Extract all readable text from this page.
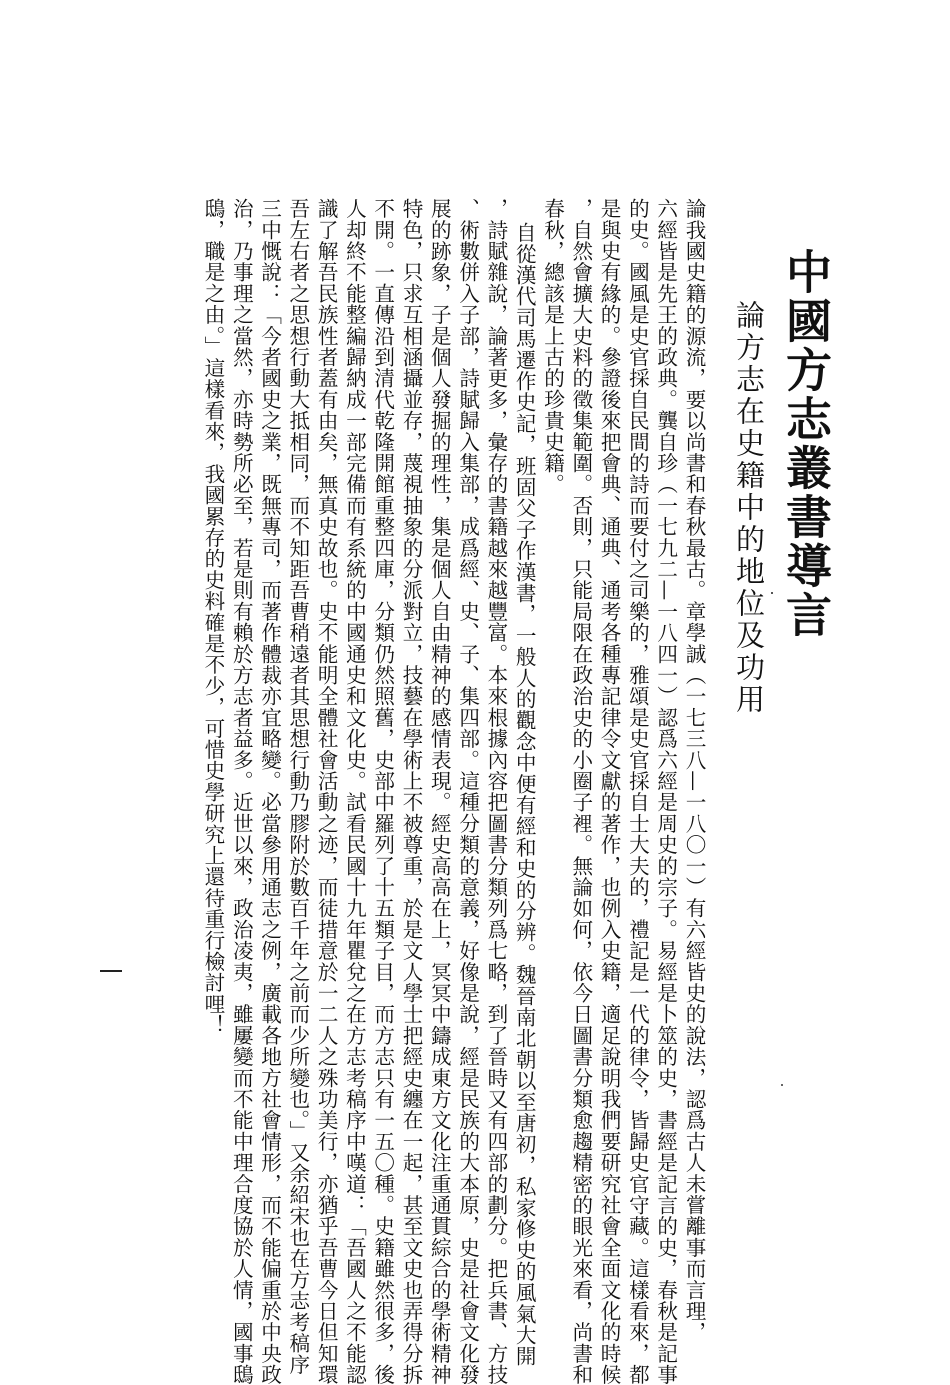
中國方志叢書導言
論方志在史籍中的地位及功用
論我國史籍的源流，要以尚書和春秋最古。章學誠（一七三八—一八〇一）有六經皆史的說法，認爲古人未嘗離事而言理，
六經皆是先王的政典。龔自珍（一七九二—一八四一）認爲六經是周史的宗子。易經是卜筮的史，書經是記言的史，春秋是記事
的史。國風是史官採自民間的詩而要付之司樂的，雅頌是史官採自士大夫的，禮記是一代的律令，皆歸史官守藏。這樣看來，都
是與史有緣的。參證後來把會典、通典、通考各種專記律令文獻的著作，也例入史籍，適足說明我們要研究社會全面文化的時候
，自然會擴大史料的徵集範圍。否則，只能局限在政治史的小圈子裡。無論如何，依今日圖書分類愈趨精密的眼光來看，尚書和
春秋，總該是上古的珍貴史籍。
自從漢代司馬遷作史記，班固父子作漢書，一般人的觀念中便有經和史的分辨。魏晉南北朝以至唐初，私家修史的風氣大開
，詩賦雜說，論著更多，彙存的書籍越來越豐富。本來根據內容把圖書分類列爲七略，到了晉時又有四部的劃分。把兵書、方技
、術數併入子部，詩賦歸入集部，成爲經、史、子、集四部。這種分類的意義，好像是說，經是民族的大本原，史是社會文化發
展的跡象，子是個人發掘的理性，集是個人自由精神的感情表現。經史高高在上，冥冥中鑄成東方文化注重通貫綜合的學術精神
特色，只求互相涵攝並存，蔑視抽象的分派對立，技藝在學術上不被尊重，於是文人學士把經史纏在一起，甚至文史也弄得分拆
不開。一直傳沿到清代乾隆開館重整四庫，分類仍然照舊，史部中羅列了十五類子目，而方志只有一五〇種。史籍雖然很多，後
人却終不能整編歸納成一部完備而有系統的中國通史和文化史。試看民國十九年瞿兌之在方志考稿序中嘆道：「吾國人之不能認
識了解吾民族性者蓋有由矣，無真史故也。史不能明全體社會活動之迹，而徒措意於一二人之殊功美行，亦猶乎吾曹今日但知環
吾左右者之思想行動大抵相同，而不知距吾曹稍遠者其思想行動乃膠附於數百千年之前而少所變也。」又余紹宋也在方志考稿序
三中慨說：「今者國史之業，既無專司，而著作體裁亦宜略變。必當參用通志之例，廣載各地方社會情形，而不能偏重於中央政
治，乃事理之當然，亦時勢所必至，若是則有賴於方志者益多。近世以來，政治凌夷，雖屢變而不能中理合度協於人情，國事鴟
鴟，職是之由。」這樣看來，我國累存的史料確是不少，可惜史學研究上還待重行檢討哩！
